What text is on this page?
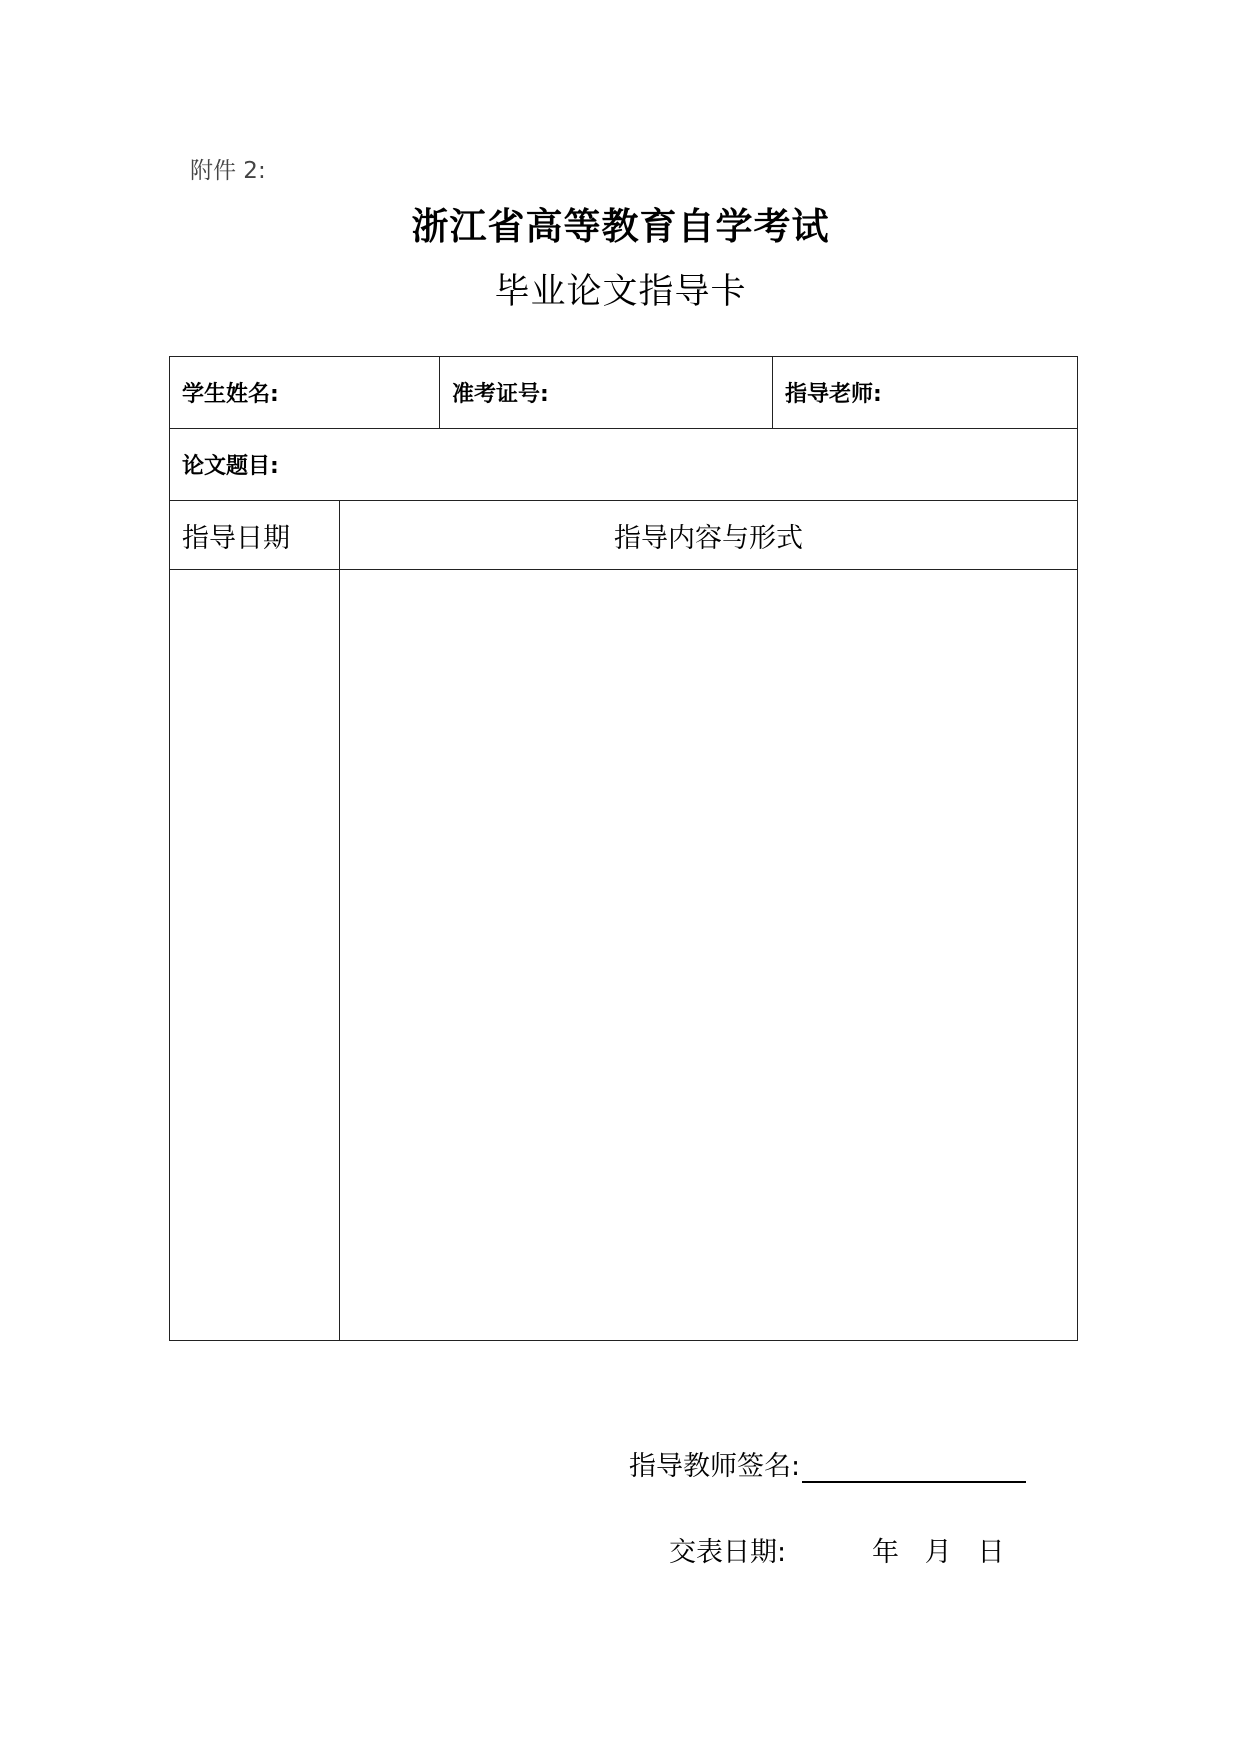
附件 2:
浙江省高等教育自学考试
毕业论文指导卡
学生姓名:		准考证号:	指导老师:
论文题目:			
指导日期	指导内容与形式		

指导教师签名:
交表日期:	年 月 日
